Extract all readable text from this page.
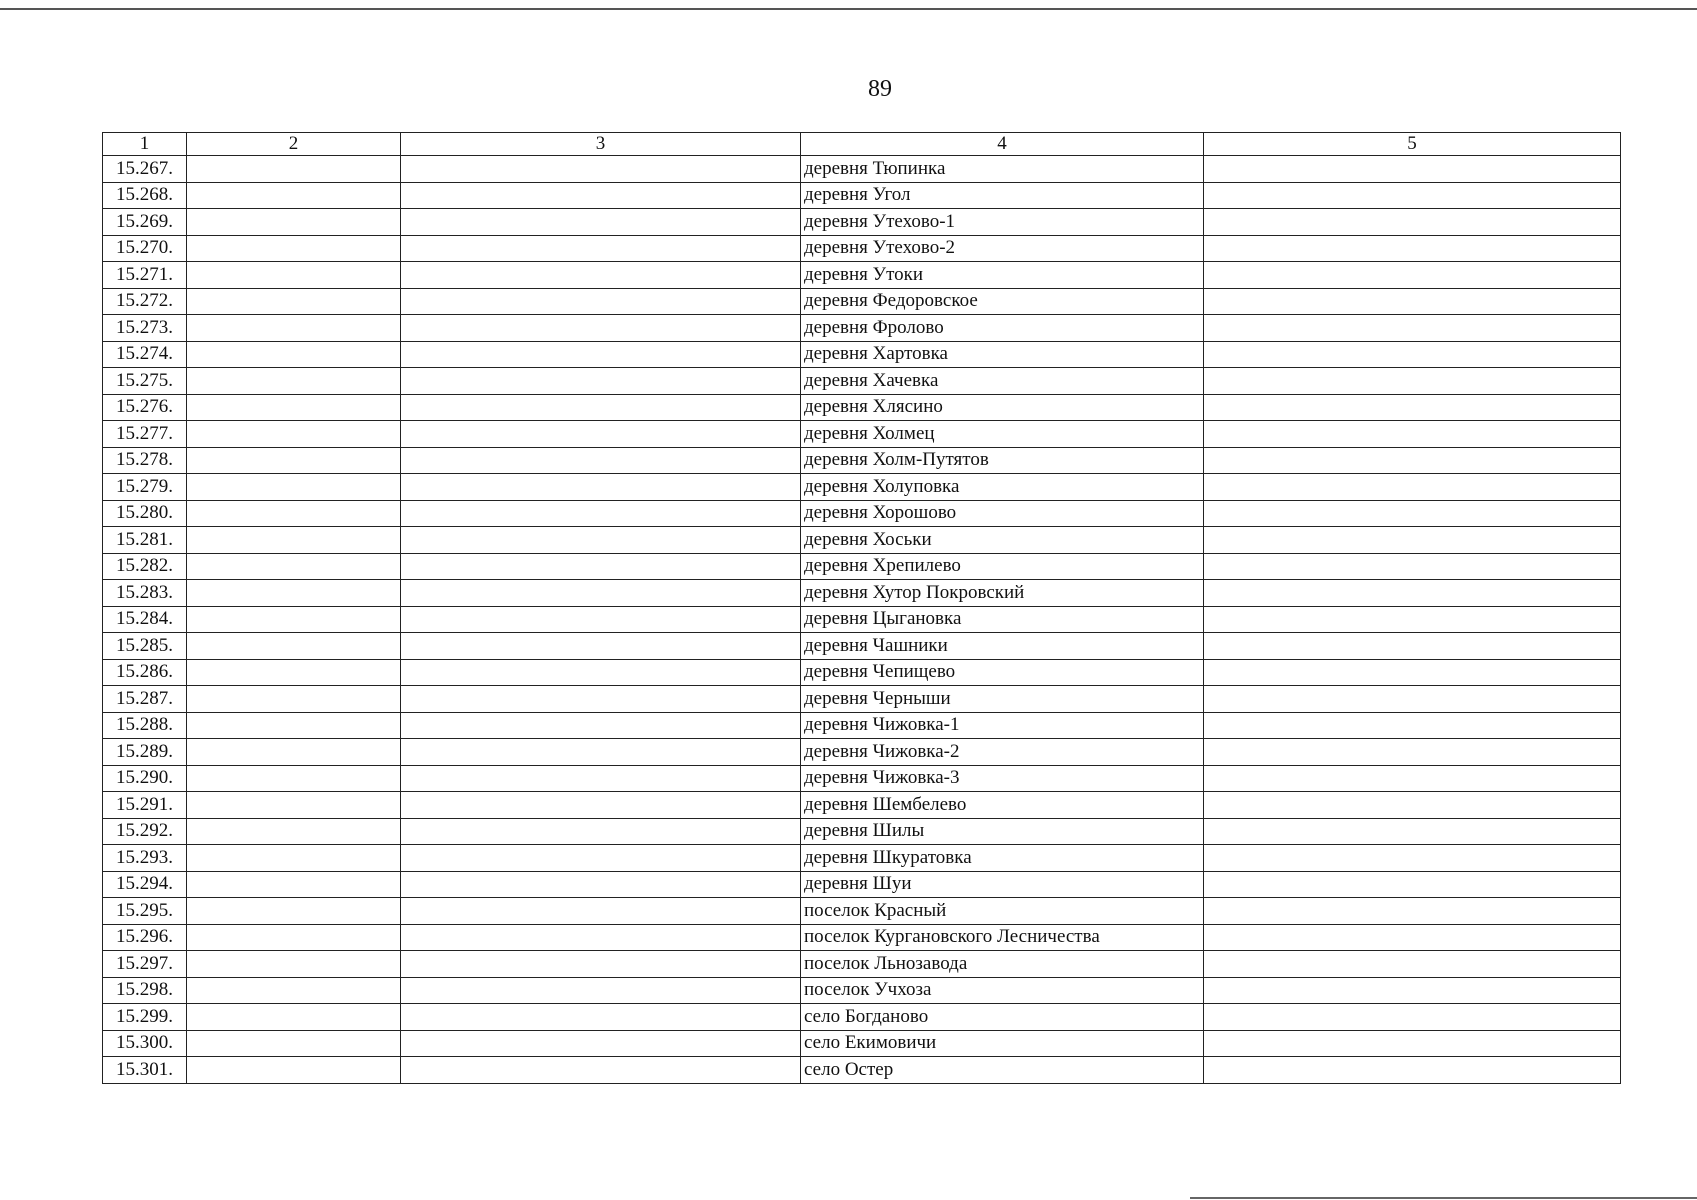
89
1	2	3	4	5
15.267.			деревня Тюпинка	
15.268.			деревня Угол	
15.269.			деревня Утехово-1	
15.270.			деревня Утехово-2	
15.271.			деревня Утоки	
15.272.			деревня Федоровское	
15.273.			деревня Фролово	
15.274.			деревня Хартовка	
15.275.			деревня Хачевка	
15.276.			деревня Хлясино	
15.277.			деревня Холмец	
15.278.			деревня Холм-Путятов	
15.279.			деревня Холуповка	
15.280.			деревня Хорошово	
15.281.			деревня Хоськи	
15.282.			деревня Хрепилево	
15.283.			деревня Хутор Покровский	
15.284.			деревня Цыгановка	
15.285.			деревня Чашники	
15.286.			деревня Чепищево	
15.287.			деревня Черныши	
15.288.			деревня Чижовка-1	
15.289.			деревня Чижовка-2	
15.290.			деревня Чижовка-3	
15.291.			деревня Шембелево	
15.292.			деревня Шилы	
15.293.			деревня Шкуратовка	
15.294.			деревня Шуи	
15.295.			поселок Красный	
15.296.			поселок Кургановского Лесничества	
15.297.			поселок Льнозавода	
15.298.			поселок Учхоза	
15.299.			село Богданово	
15.300.			село Екимовичи	
15.301.			село Остер	
